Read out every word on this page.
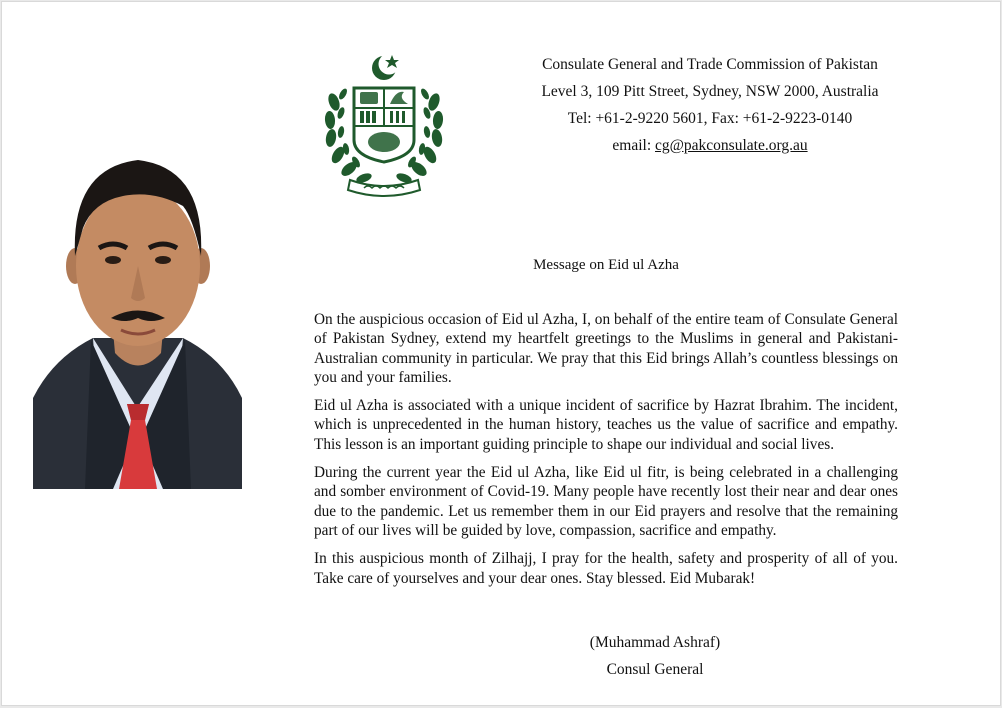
Consulate General and Trade Commission of Pakistan
Level 3, 109 Pitt Street, Sydney, NSW 2000, Australia
Tel: +61-2-9220 5601, Fax: +61-2-9223-0140
email: cg@pakconsulate.org.au
Message on Eid ul Azha

On the auspicious occasion of Eid ul Azha, I, on behalf of the entire team of Consulate General of Pakistan Sydney, extend my heartfelt greetings to the Muslims in general and Pakistani-Australian community in particular. We pray that this Eid brings Allah’s countless blessings on you and your families.

Eid ul Azha is associated with a unique incident of sacrifice by Hazrat Ibrahim. The incident, which is unprecedented in the human history, teaches us the value of sacrifice and empathy. This lesson is an important guiding principle to shape our individual and social lives.

During the current year the Eid ul Azha, like Eid ul fitr, is being celebrated in a challenging and somber environment of Covid-19. Many people have recently lost their near and dear ones due to the pandemic. Let us remember them in our Eid prayers and resolve that the remaining part of our lives will be guided by love, compassion, sacrifice and empathy.

In this auspicious month of Zilhajj, I pray for the health, safety and prosperity of all of you. Take care of yourselves and your dear ones. Stay blessed. Eid Mubarak!

(Muhammad Ashraf)
Consul General
